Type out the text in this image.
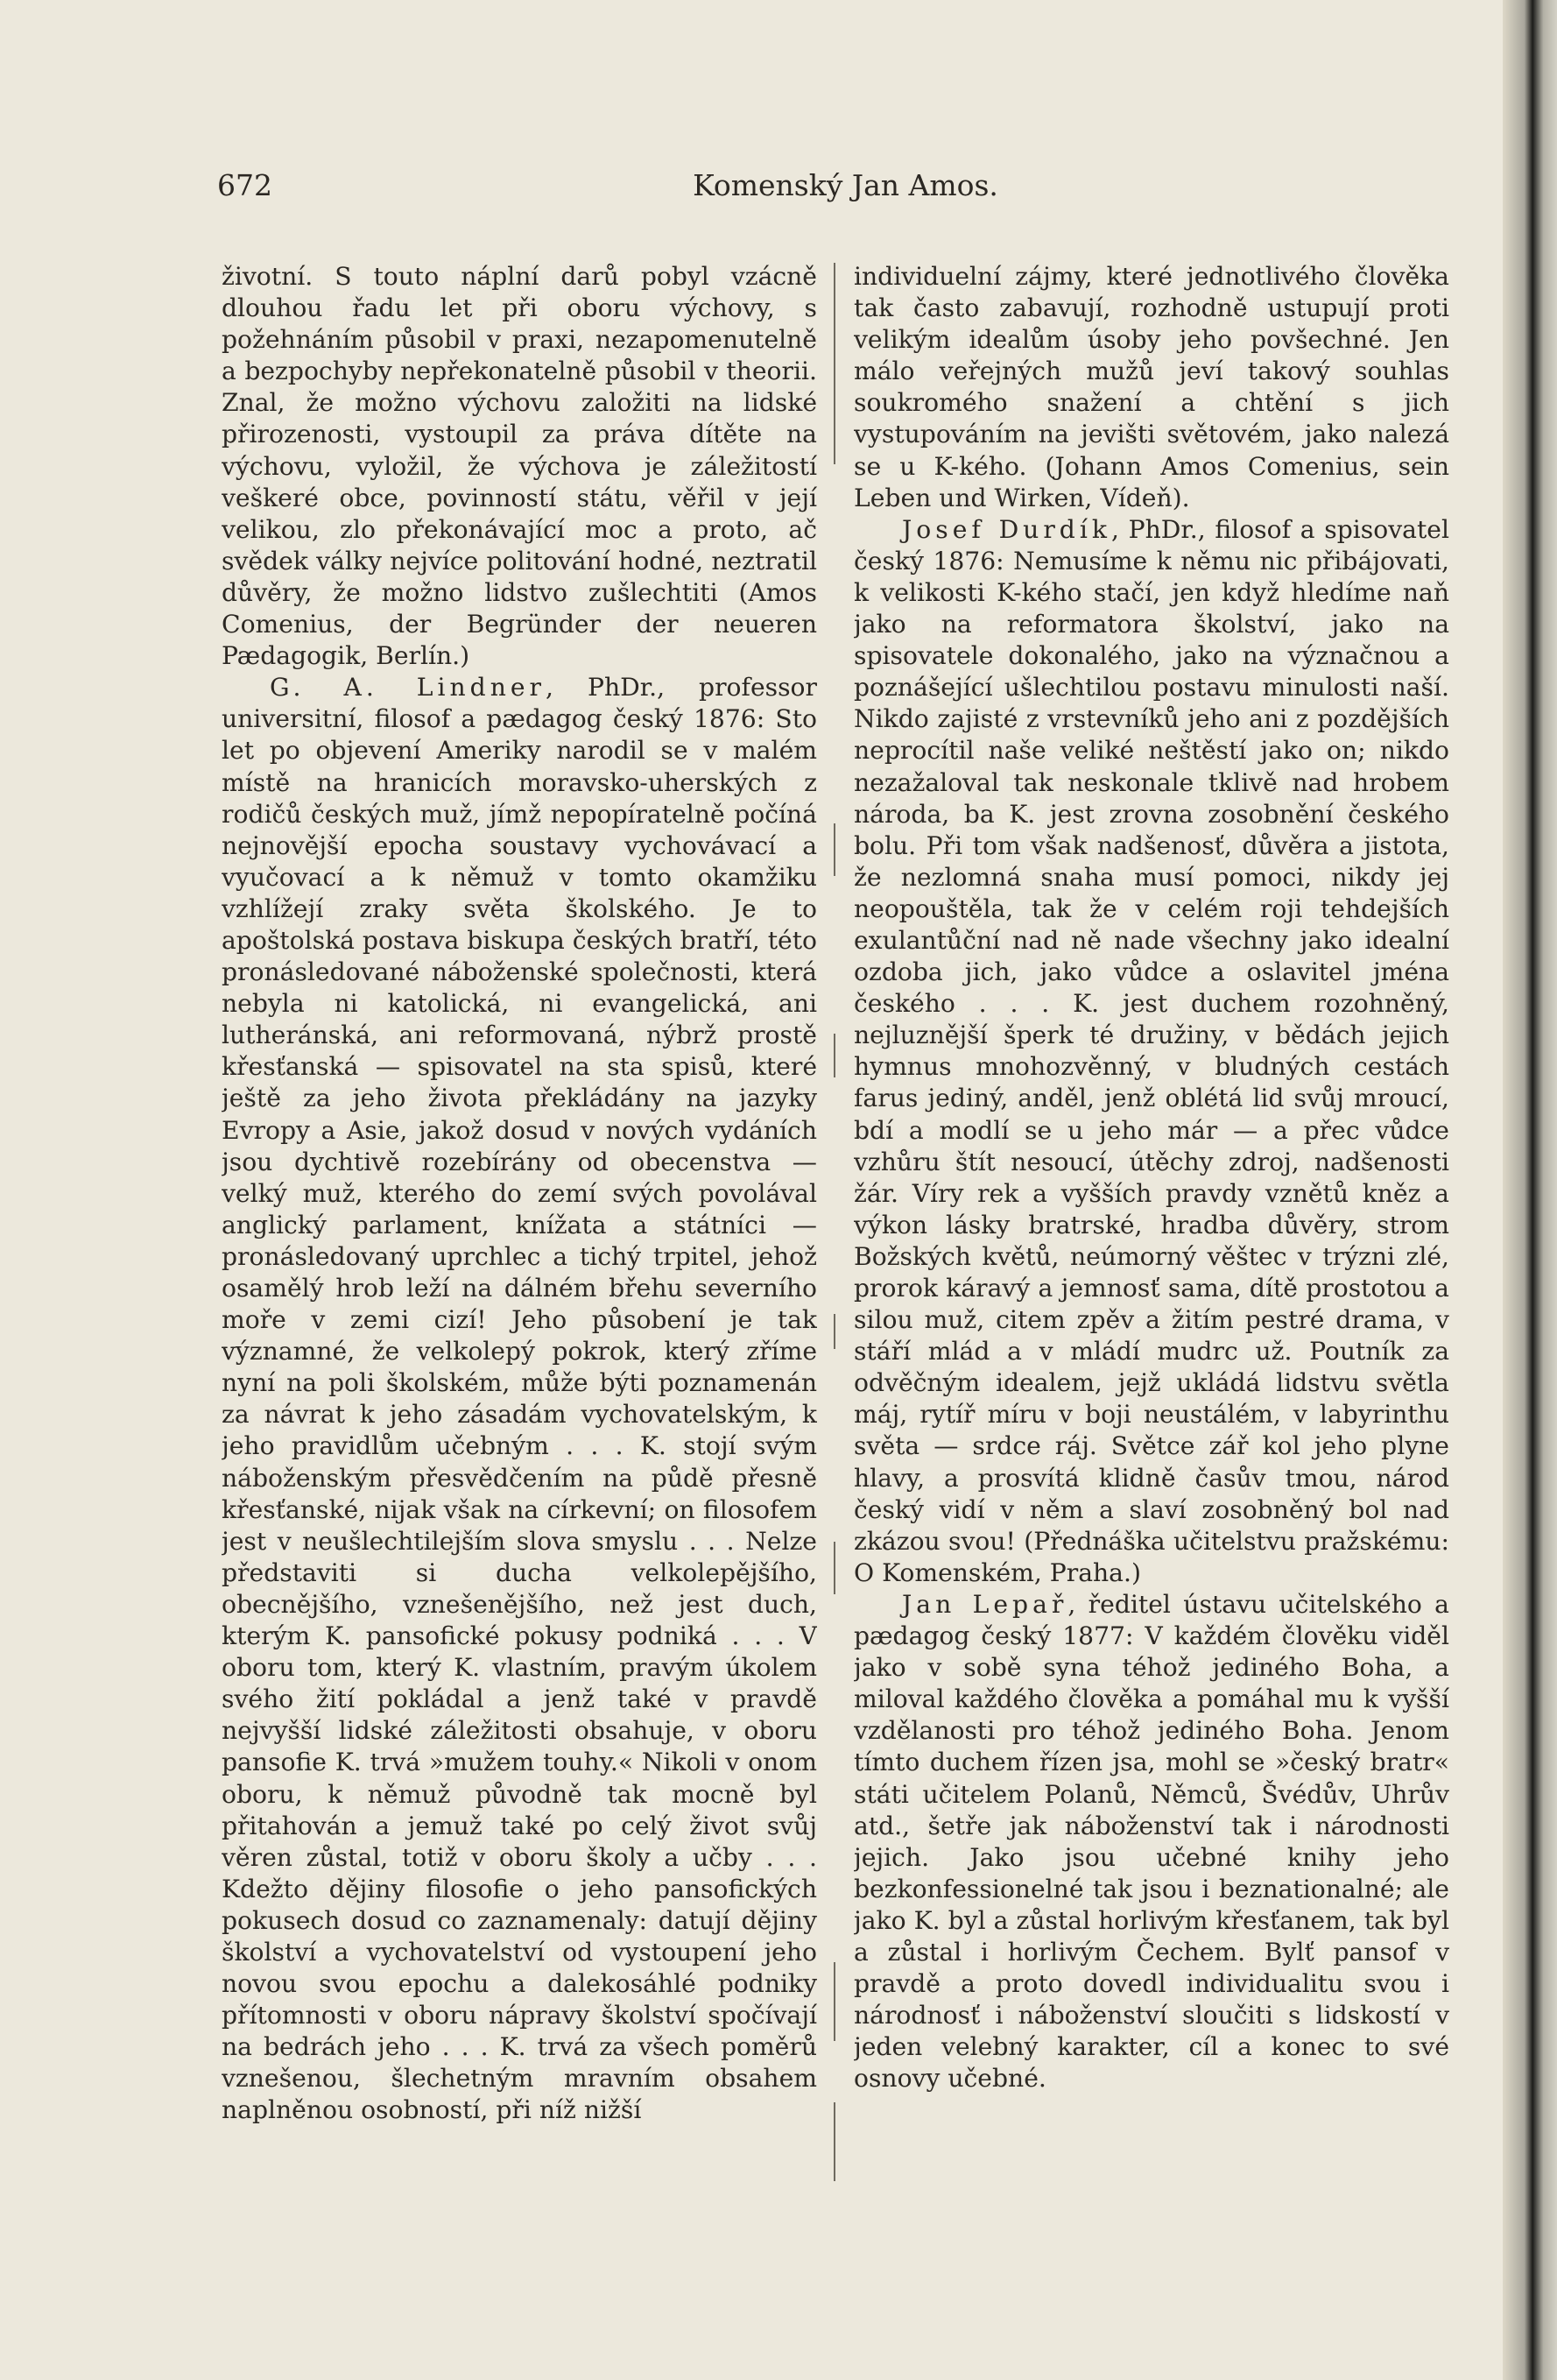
672	Komenský Jan Amos.

životní. S touto náplní darů pobyl vzácně dlouhou řadu let při oboru výchovy, s požehnáním působil v praxi, nezapomenutelně a bezpochyby nepřekonatelně působil v theorii. Znal, že možno výchovu založiti na lidské přirozenosti, vystoupil za práva dítěte na výchovu, vyložil, že výchova je záležitostí veškeré obce, povinností státu, věřil v její velikou, zlo překonávající moc a proto, ač svědek války nejvíce politování hodné, neztratil důvěry, že možno lidstvo zušlechtiti (Amos Comenius, der Begründer der neueren Pædagogik, Berlín.)

G. A. Lindner, PhDr., professor universitní, filosof a pædagog český 1876: Sto let po objevení Ameriky narodil se v malém místě na hranicích moravsko-uherských z rodičů českých muž, jímž nepopíratelně počíná nejnovější epocha soustavy vychovávací a vyučovací a k němuž v tomto okamžiku vzhlížejí zraky světa školského. Je to apoštolská postava biskupa českých bratří, této pronásledované náboženské společnosti, která nebyla ni katolická, ni evangelická, ani lutheránská, ani reformovaná, nýbrž prostě křesťanská — spisovatel na sta spisů, které ještě za jeho života překládány na jazyky Evropy a Asie, jakož dosud v nových vydáních jsou dychtivě rozebírány od obecenstva — velký muž, kterého do zemí svých povolával anglický parlament, knížata a státníci — pronásledovaný uprchlec a tichý trpitel, jehož osamělý hrob leží na dálném břehu severního moře v zemi cizí! Jeho působení je tak významné, že velkolepý pokrok, který zříme nyní na poli školském, může býti poznamenán za návrat k jeho zásadám vychovatelským, k jeho pravidlům učebným . . . K. stojí svým náboženským přesvědčením na půdě přesně křesťanské, nijak však na církevní; on filosofem jest v neušlechtilejším slova smyslu . . . Nelze představiti si ducha velkolepějšího, obecnějšího, vznešenějšího, než jest duch, kterým K. pansofické pokusy podniká . . . V oboru tom, který K. vlastním, pravým úkolem svého žití pokládal a jenž také v pravdě nejvyšší lidské záležitosti obsahuje, v oboru pansofie K. trvá »mužem touhy.« Nikoli v onom oboru, k němuž původně tak mocně byl přitahován a jemuž také po celý život svůj věren zůstal, totiž v oboru školy a učby . . . Kdežto dějiny filosofie o jeho pansofických pokusech dosud co zaznamenaly: datují dějiny školství a vychovatelství od vystoupení jeho novou svou epochu a dalekosáhlé podniky přítomnosti v oboru nápravy školství spočívají na bedrách jeho . . . K. trvá za všech poměrů vznešenou, šlechetným mravním obsahem naplněnou osobností, při níž nižší

individuelní zájmy, které jednotlivého člověka tak často zabavují, rozhodně ustupují proti velikým idealům úsoby jeho povšechné. Jen málo veřejných mužů jeví takový souhlas soukromého snažení a chtění s jich vystupováním na jevišti světovém, jako nalezá se u K-kého. (Johann Amos Comenius, sein Leben und Wirken, Vídeň).

Josef Durdík, PhDr., filosof a spisovatel český 1876: Nemusíme k němu nic přibájovati, k velikosti K-kého stačí, jen když hledíme naň jako na reformatora školství, jako na spisovatele dokonalého, jako na význačnou a poznášející ušlechtilou postavu minulosti naší. Nikdo zajisté z vrstevníků jeho ani z pozdějších neprocítil naše veliké neštěstí jako on; nikdo nezažaloval tak neskonale tklivě nad hrobem národa, ba K. jest zrovna zosobnění českého bolu. Při tom však nadšenosť, důvěra a jistota, že nezlomná snaha musí pomoci, nikdy jej neopouštěla, tak že v celém roji tehdejších exulantůční nad ně nade všechny jako idealní ozdoba jich, jako vůdce a oslavitel jména českého . . . K. jest duchem rozohněný, nejluznější šperk té družiny, v bědách jejich hymnus mnohozvěnný, v bludných cestách farus jediný, anděl, jenž oblétá lid svůj mroucí, bdí a modlí se u jeho már — a přec vůdce vzhůru štít nesoucí, útěchy zdroj, nadšenosti žár. Víry rek a vyšších pravdy vznětů kněz a výkon lásky bratrské, hradba důvěry, strom Božských květů, neúmorný věštec v trýzni zlé, prorok káravý a jemnosť sama, dítě prostotou a silou muž, citem zpěv a žitím pestré drama, v stáří mlád a v mládí mudrc už. Poutník za odvěčným idealem, jejž ukládá lidstvu světla máj, rytíř míru v boji neustálém, v labyrinthu světa — srdce ráj. Světce zář kol jeho plyne hlavy, a prosvítá klidně časův tmou, národ český vidí v něm a slaví zosobněný bol nad zkázou svou! (Přednáška učitelstvu pražskému: O Komenském, Praha.)

Jan Lepař, ředitel ústavu učitelského a pædagog český 1877: V každém člověku viděl jako v sobě syna téhož jediného Boha, a miloval každého člověka a pomáhal mu k vyšší vzdělanosti pro téhož jediného Boha. Jenom tímto duchem řízen jsa, mohl se »český bratr« státi učitelem Polanů, Němců, Švédův, Uhrův atd., šetře jak náboženství tak i národnosti jejich. Jako jsou učebné knihy jeho bezkonfessionelné tak jsou i beznationalné; ale jako K. byl a zůstal horlivým křesťanem, tak byl a zůstal i horlivým Čechem. Bylť pansof v pravdě a proto dovedl individualitu svou i národnosť i náboženství sloučiti s lidskostí v jeden velebný karakter, cíl a konec to své osnovy učebné.
